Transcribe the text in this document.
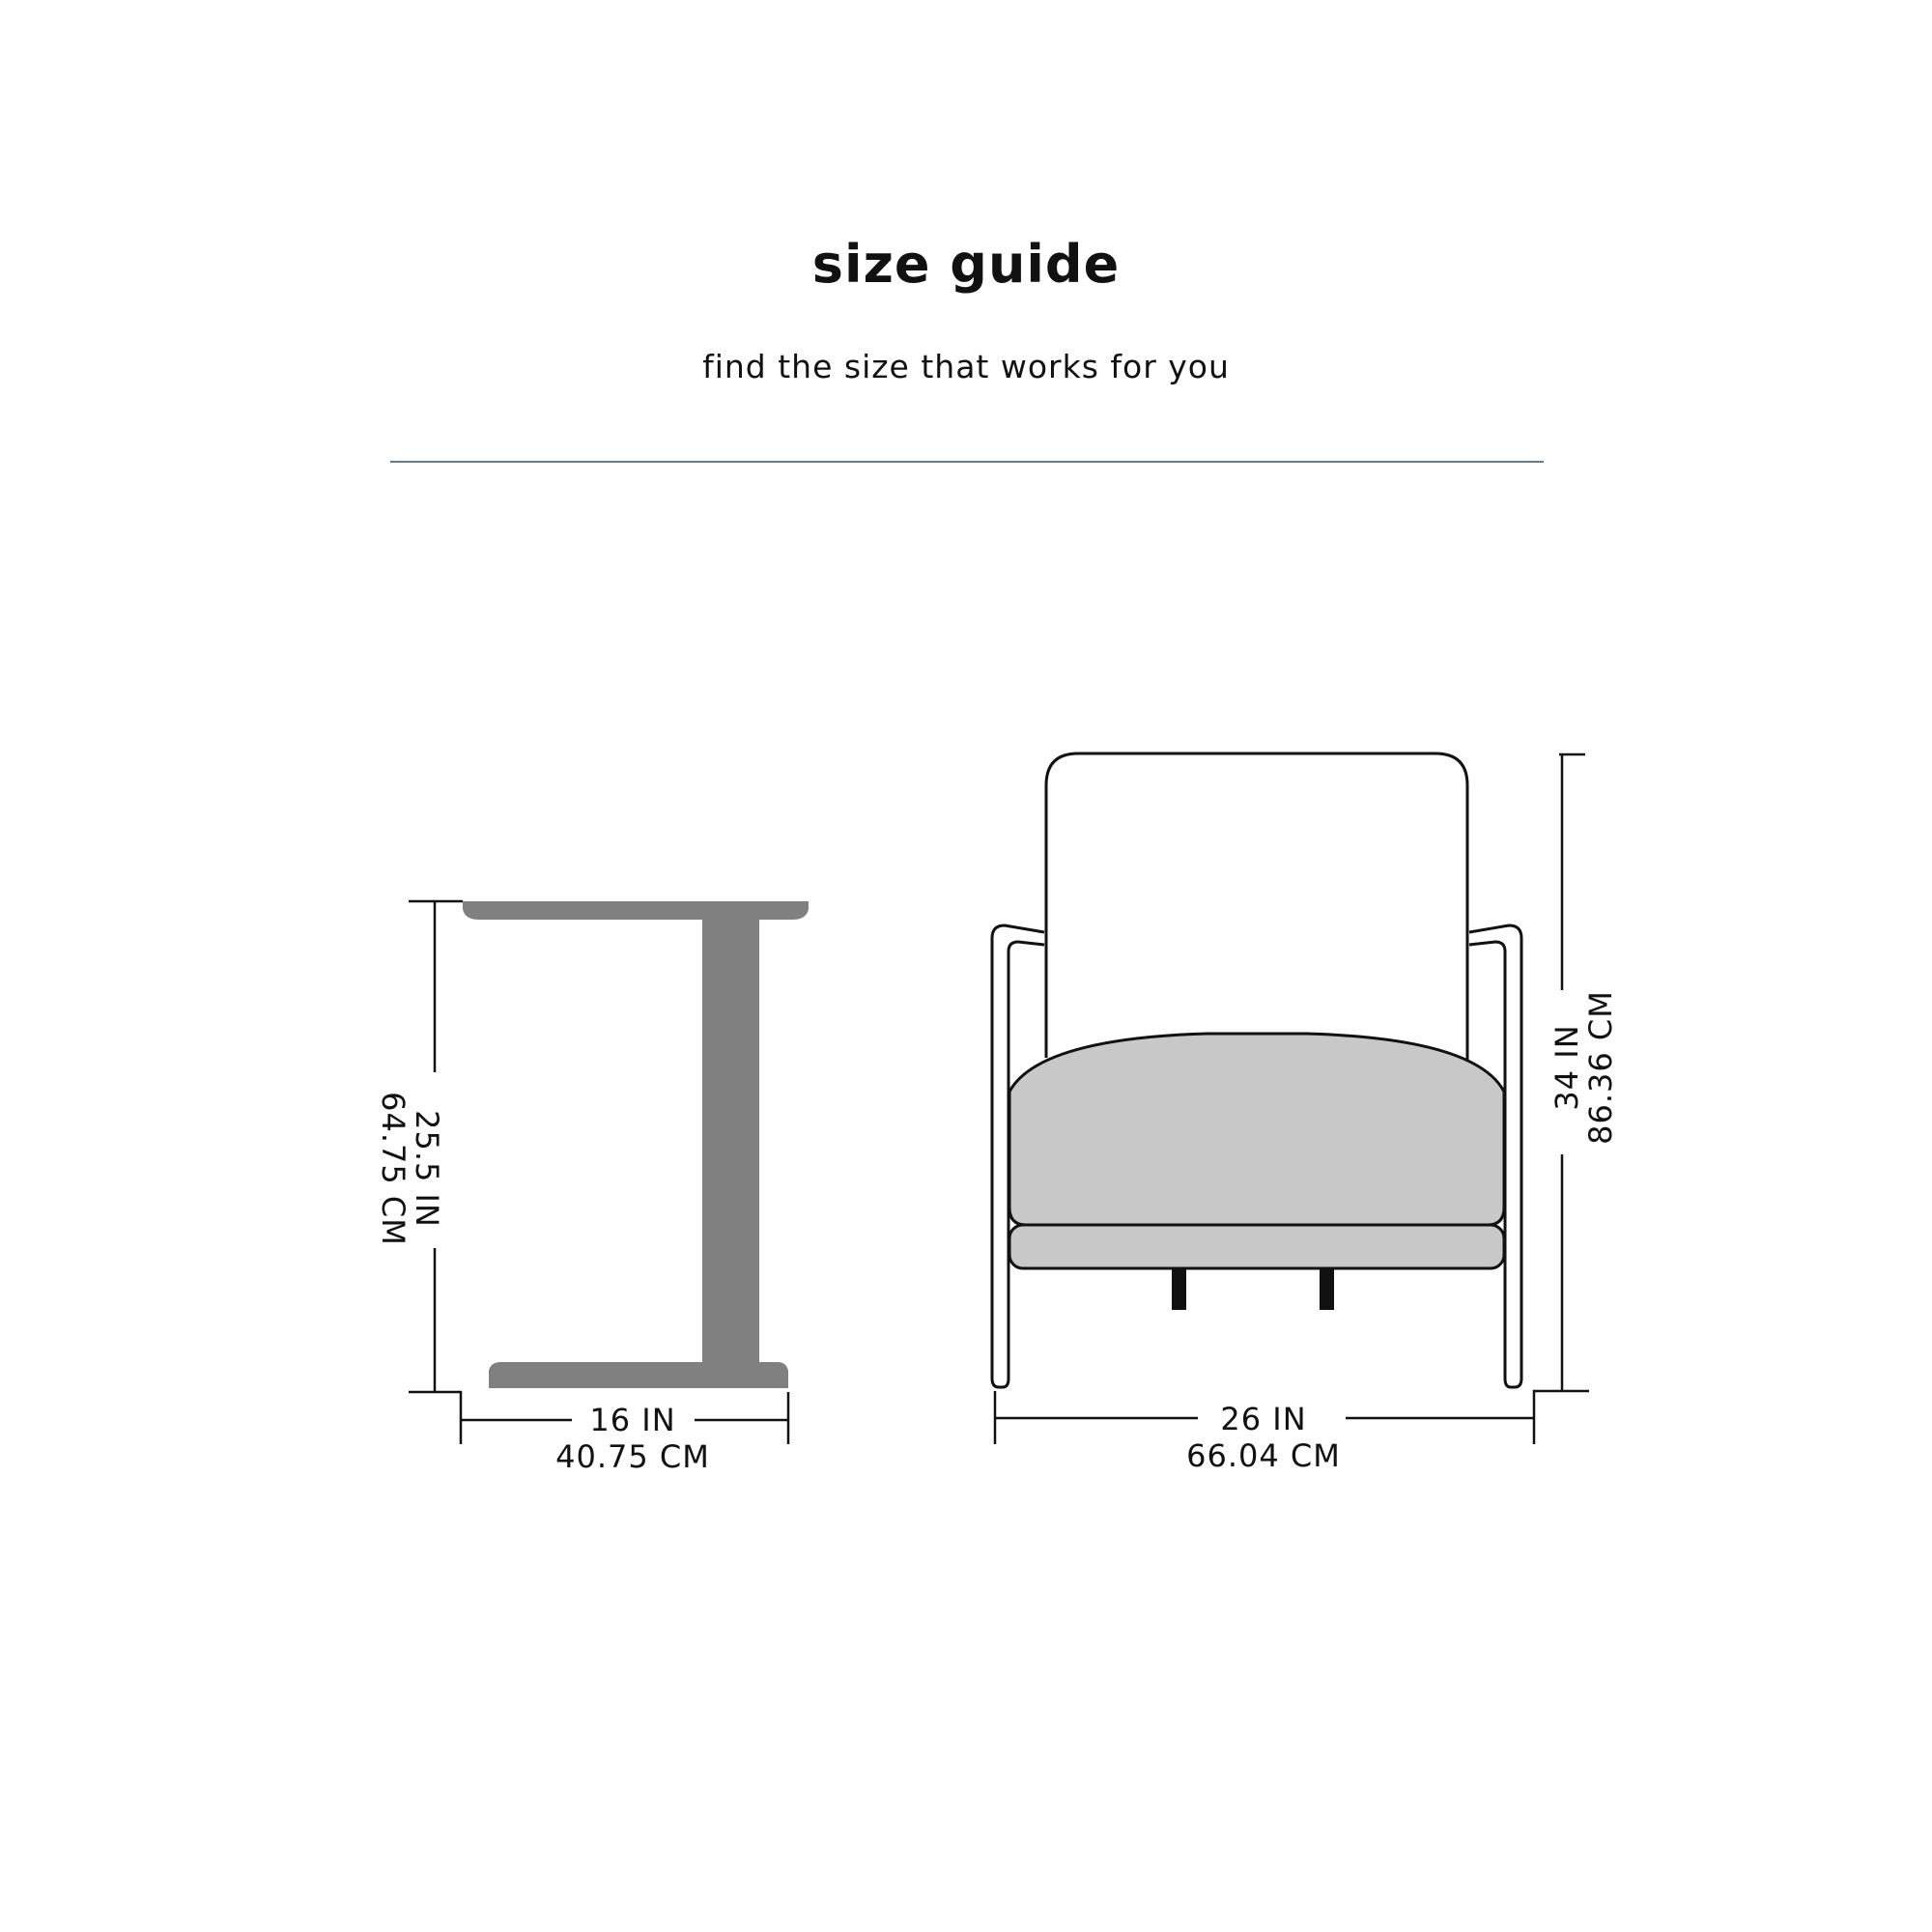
size guide

find the size that works for you

25.5 IN
64.75 CM
16 IN
40.75 CM
34 IN
86.36 CM
26 IN
66.04 CM
